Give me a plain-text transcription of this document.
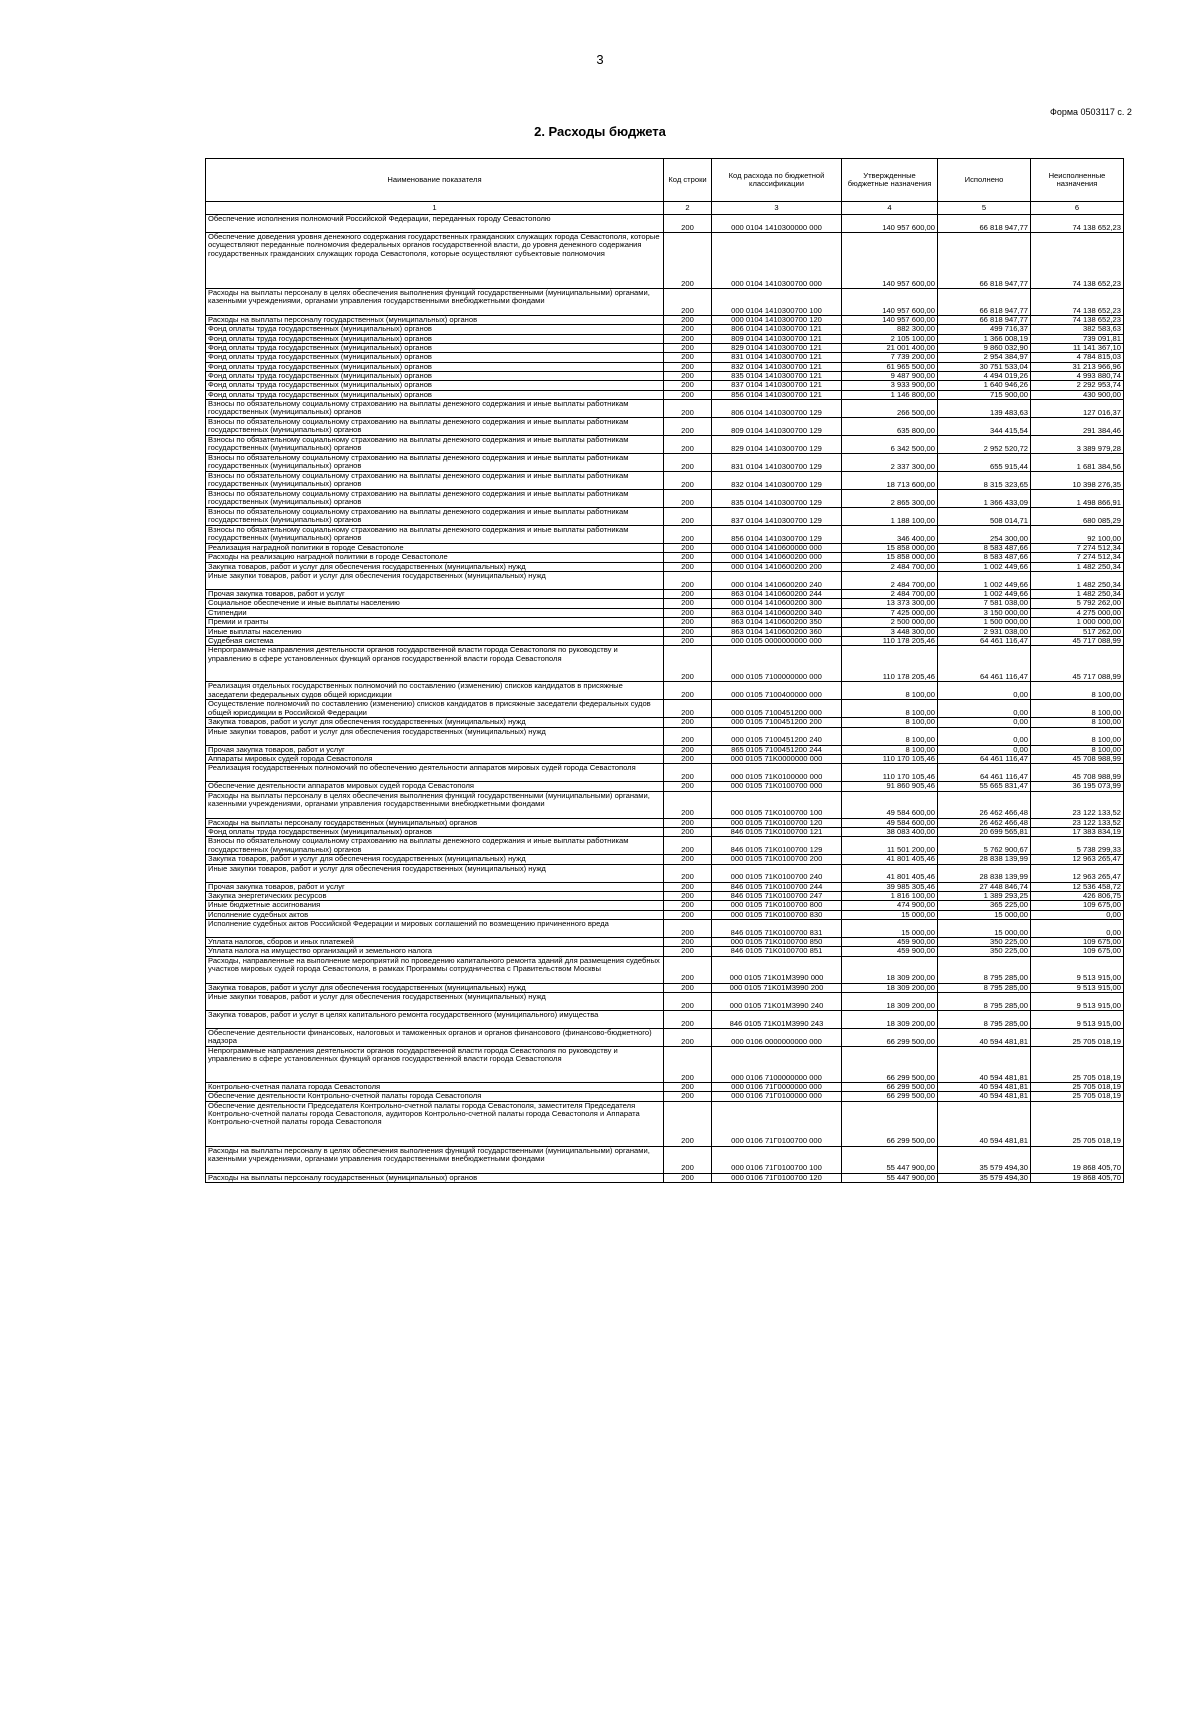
3
Форма 0503117 с. 2
2. Расходы бюджета
Наименование показателя	Код строки	Код расхода по бюджетной классификации	Утвержденные бюджетные назначения	Исполнено	Неисполненные назначения
1	2	3	4	5	6
Обеспечение исполнения полномочий Российской Федерации, переданных городу Севастополю	200	000 0104 1410300000 000	140 957 600,00	66 818 947,77	74 138 652,23
Обеспечение доведения уровня денежного содержания государственных гражданских служащих города Севастополя, которые осуществляют переданные полномочия федеральных органов государственной власти, до уровня денежного содержания государственных гражданских служащих города Севастополя, которые осуществляют субъектовые полномочия	200	000 0104 1410300700 000	140 957 600,00	66 818 947,77	74 138 652,23
Расходы на выплаты персоналу в целях обеспечения выполнения функций государственными (муниципальными) органами, казенными учреждениями, органами управления государственными внебюджетными фондами	200	000 0104 1410300700 100	140 957 600,00	66 818 947,77	74 138 652,23
Расходы на выплаты персоналу государственных (муниципальных) органов	200	000 0104 1410300700 120	140 957 600,00	66 818 947,77	74 138 652,23
Фонд оплаты труда государственных (муниципальных) органов	200	806 0104 1410300700 121	882 300,00	499 716,37	382 583,63
Фонд оплаты труда государственных (муниципальных) органов	200	809 0104 1410300700 121	2 105 100,00	1 366 008,19	739 091,81
Фонд оплаты труда государственных (муниципальных) органов	200	829 0104 1410300700 121	21 001 400,00	9 860 032,90	11 141 367,10
Фонд оплаты труда государственных (муниципальных) органов	200	831 0104 1410300700 121	7 739 200,00	2 954 384,97	4 784 815,03
Фонд оплаты труда государственных (муниципальных) органов	200	832 0104 1410300700 121	61 965 500,00	30 751 533,04	31 213 966,96
Фонд оплаты труда государственных (муниципальных) органов	200	835 0104 1410300700 121	9 487 900,00	4 494 019,26	4 993 880,74
Фонд оплаты труда государственных (муниципальных) органов	200	837 0104 1410300700 121	3 933 900,00	1 640 946,26	2 292 953,74
Фонд оплаты труда государственных (муниципальных) органов	200	856 0104 1410300700 121	1 146 800,00	715 900,00	430 900,00
Взносы по обязательному социальному страхованию на выплаты денежного содержания и иные выплаты работникам государственных (муниципальных) органов	200	806 0104 1410300700 129	266 500,00	139 483,63	127 016,37
Взносы по обязательному социальному страхованию на выплаты денежного содержания и иные выплаты работникам государственных (муниципальных) органов	200	809 0104 1410300700 129	635 800,00	344 415,54	291 384,46
Взносы по обязательному социальному страхованию на выплаты денежного содержания и иные выплаты работникам государственных (муниципальных) органов	200	829 0104 1410300700 129	6 342 500,00	2 952 520,72	3 389 979,28
Взносы по обязательному социальному страхованию на выплаты денежного содержания и иные выплаты работникам государственных (муниципальных) органов	200	831 0104 1410300700 129	2 337 300,00	655 915,44	1 681 384,56
Взносы по обязательному социальному страхованию на выплаты денежного содержания и иные выплаты работникам государственных (муниципальных) органов	200	832 0104 1410300700 129	18 713 600,00	8 315 323,65	10 398 276,35
Взносы по обязательному социальному страхованию на выплаты денежного содержания и иные выплаты работникам государственных (муниципальных) органов	200	835 0104 1410300700 129	2 865 300,00	1 366 433,09	1 498 866,91
Взносы по обязательному социальному страхованию на выплаты денежного содержания и иные выплаты работникам государственных (муниципальных) органов	200	837 0104 1410300700 129	1 188 100,00	508 014,71	680 085,29
Взносы по обязательному социальному страхованию на выплаты денежного содержания и иные выплаты работникам государственных (муниципальных) органов	200	856 0104 1410300700 129	346 400,00	254 300,00	92 100,00
Реализация наградной политики в городе Севастополе	200	000 0104 1410600000 000	15 858 000,00	8 583 487,66	7 274 512,34
Расходы на реализацию наградной политики в городе Севастополе	200	000 0104 1410600200 000	15 858 000,00	8 583 487,66	7 274 512,34
Закупка товаров, работ и услуг для обеспечения государственных (муниципальных) нужд	200	000 0104 1410600200 200	2 484 700,00	1 002 449,66	1 482 250,34
Иные закупки товаров, работ и услуг для обеспечения государственных (муниципальных) нужд	200	000 0104 1410600200 240	2 484 700,00	1 002 449,66	1 482 250,34
Прочая закупка товаров, работ и услуг	200	863 0104 1410600200 244	2 484 700,00	1 002 449,66	1 482 250,34
Социальное обеспечение и иные выплаты населению	200	000 0104 1410600200 300	13 373 300,00	7 581 038,00	5 792 262,00
Стипендии	200	863 0104 1410600200 340	7 425 000,00	3 150 000,00	4 275 000,00
Премии и гранты	200	863 0104 1410600200 350	2 500 000,00	1 500 000,00	1 000 000,00
Иные выплаты населению	200	863 0104 1410600200 360	3 448 300,00	2 931 038,00	517 262,00
Судебная система	200	000 0105 0000000000 000	110 178 205,46	64 461 116,47	45 717 088,99
Непрограммные направления деятельности органов государственной власти города Севастополя по руководству и управлению в сфере установленных функций органов государственной власти города Севастополя	200	000 0105 7100000000 000	110 178 205,46	64 461 116,47	45 717 088,99
Реализация отдельных государственных полномочий по составлению (изменению) списков кандидатов в присяжные заседатели федеральных судов общей юрисдикции	200	000 0105 7100400000 000	8 100,00	0,00	8 100,00
Осуществление полномочий по составлению (изменению) списков кандидатов в присяжные заседатели федеральных судов общей юрисдикции в Российской Федерации	200	000 0105 7100451200 000	8 100,00	0,00	8 100,00
Закупка товаров, работ и услуг для обеспечения государственных (муниципальных) нужд	200	000 0105 7100451200 200	8 100,00	0,00	8 100,00
Иные закупки товаров, работ и услуг для обеспечения государственных (муниципальных) нужд	200	000 0105 7100451200 240	8 100,00	0,00	8 100,00
Прочая закупка товаров, работ и услуг	200	865 0105 7100451200 244	8 100,00	0,00	8 100,00
Аппараты мировых судей города Севастополя	200	000 0105 71K0000000 000	110 170 105,46	64 461 116,47	45 708 988,99
Реализация государственных полномочий по обеспечению деятельности аппаратов мировых судей города Севастополя	200	000 0105 71K0100000 000	110 170 105,46	64 461 116,47	45 708 988,99
Обеспечение деятельности аппаратов мировых судей города Севастополя	200	000 0105 71K0100700 000	91 860 905,46	55 665 831,47	36 195 073,99
Расходы на выплаты персоналу в целях обеспечения выполнения функций государственными (муниципальными) органами, казенными учреждениями, органами управления государственными внебюджетными фондами	200	000 0105 71K0100700 100	49 584 600,00	26 462 466,48	23 122 133,52
Расходы на выплаты персоналу государственных (муниципальных) органов	200	000 0105 71K0100700 120	49 584 600,00	26 462 466,48	23 122 133,52
Фонд оплаты труда государственных (муниципальных) органов	200	846 0105 71K0100700 121	38 083 400,00	20 699 565,81	17 383 834,19
Взносы по обязательному социальному страхованию на выплаты денежного содержания и иные выплаты работникам государственных (муниципальных) органов	200	846 0105 71K0100700 129	11 501 200,00	5 762 900,67	5 738 299,33
Закупка товаров, работ и услуг для обеспечения государственных (муниципальных) нужд	200	000 0105 71K0100700 200	41 801 405,46	28 838 139,99	12 963 265,47
Иные закупки товаров, работ и услуг для обеспечения государственных (муниципальных) нужд	200	000 0105 71K0100700 240	41 801 405,46	28 838 139,99	12 963 265,47
Прочая закупка товаров, работ и услуг	200	846 0105 71K0100700 244	39 985 305,46	27 448 846,74	12 536 458,72
Закупка энергетических ресурсов	200	846 0105 71K0100700 247	1 816 100,00	1 389 293,25	426 806,75
Иные бюджетные ассигнования	200	000 0105 71K0100700 800	474 900,00	365 225,00	109 675,00
Исполнение судебных актов	200	000 0105 71K0100700 830	15 000,00	15 000,00	0,00
Исполнение судебных актов Российской Федерации и мировых соглашений по возмещению причиненного вреда	200	846 0105 71K0100700 831	15 000,00	15 000,00	0,00
Уплата налогов, сборов и иных платежей	200	000 0105 71K0100700 850	459 900,00	350 225,00	109 675,00
Уплата налога на имущество организаций и земельного налога	200	846 0105 71K0100700 851	459 900,00	350 225,00	109 675,00
Расходы, направленные на выполнение мероприятий по проведению капитального ремонта зданий для размещения судебных участков мировых судей города Севастополя, в рамках Программы сотрудничества с Правительством Москвы	200	000 0105 71K01M3990 000	18 309 200,00	8 795 285,00	9 513 915,00
Закупка товаров, работ и услуг для обеспечения государственных (муниципальных) нужд	200	000 0105 71K01M3990 200	18 309 200,00	8 795 285,00	9 513 915,00
Иные закупки товаров, работ и услуг для обеспечения государственных (муниципальных) нужд	200	000 0105 71K01M3990 240	18 309 200,00	8 795 285,00	9 513 915,00
Закупка товаров, работ и услуг в целях капитального ремонта государственного (муниципального) имущества	200	846 0105 71K01M3990 243	18 309 200,00	8 795 285,00	9 513 915,00
Обеспечение деятельности финансовых, налоговых и таможенных органов и органов финансового (финансово-бюджетного) надзора	200	000 0106 0000000000 000	66 299 500,00	40 594 481,81	25 705 018,19
Непрограммные направления деятельности органов государственной власти города Севастополя по руководству и управлению в сфере установленных функций органов государственной власти города Севастополя	200	000 0106 7100000000 000	66 299 500,00	40 594 481,81	25 705 018,19
Контрольно-счетная палата города Севастополя	200	000 0106 71Г0000000 000	66 299 500,00	40 594 481,81	25 705 018,19
Обеспечение деятельности Контрольно-счетной палаты города Севастополя	200	000 0106 71Г0100000 000	66 299 500,00	40 594 481,81	25 705 018,19
Обеспечение деятельности Председателя Контрольно-счетной палаты города Севастополя, заместителя Председателя Контрольно-счетной палаты города Севастополя, аудиторов Контрольно-счетной палаты города Севастополя и Аппарата Контрольно-счетной палаты города Севастополя	200	000 0106 71Г0100700 000	66 299 500,00	40 594 481,81	25 705 018,19
Расходы на выплаты персоналу в целях обеспечения выполнения функций государственными (муниципальными) органами, казенными учреждениями, органами управления государственными внебюджетными фондами	200	000 0106 71Г0100700 100	55 447 900,00	35 579 494,30	19 868 405,70
Расходы на выплаты персоналу государственных (муниципальных) органов	200	000 0106 71Г0100700 120	55 447 900,00	35 579 494,30	19 868 405,70
